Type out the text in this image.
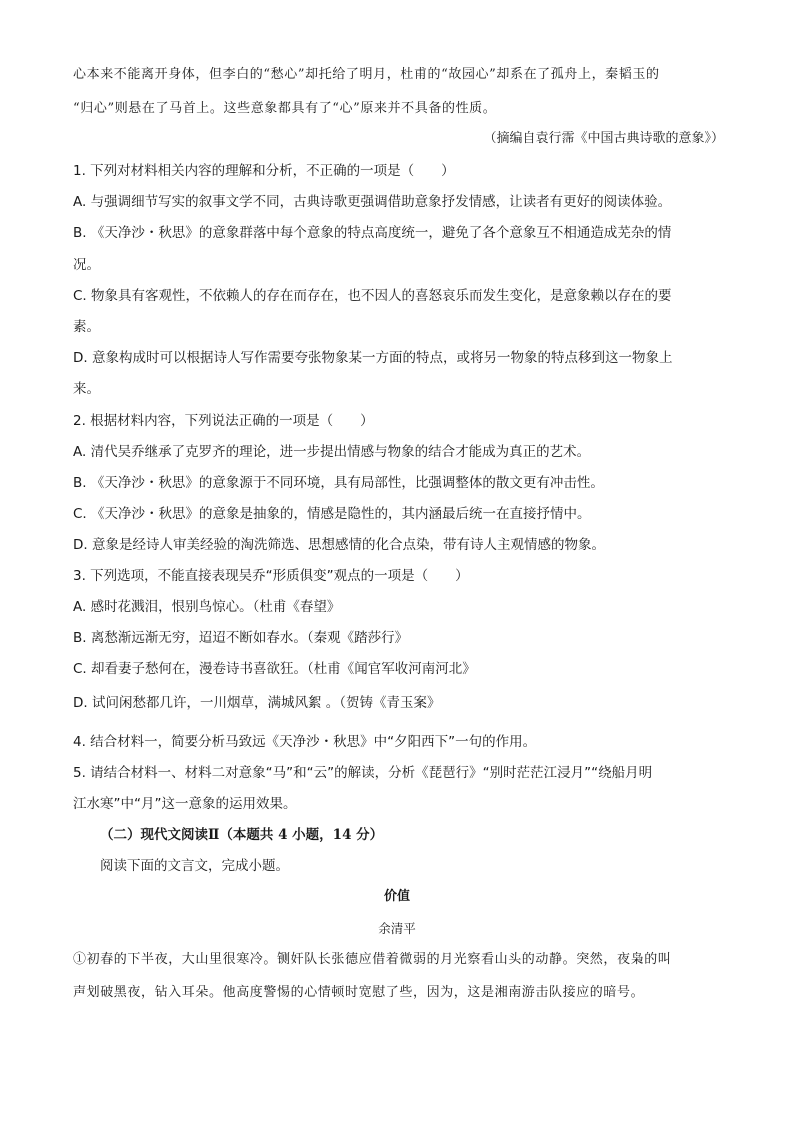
心本来不能离开身体，但李白的“愁心”却托给了明月，杜甫的“故园心”却系在了孤舟上，秦韬玉的
“归心”则悬在了马首上。这些意象都具有了“心”原来并不具备的性质。
（摘编自袁行霈《中国古典诗歌的意象》）
1. 下列对材料相关内容的理解和分析，不正确的一项是（　　）
A. 与强调细节写实的叙事文学不同，古典诗歌更强调借助意象抒发情感，让读者有更好的阅读体验。
B. 《天净沙・秋思》的意象群落中每个意象的特点高度统一，避免了各个意象互不相通造成芜杂的情
况。
C. 物象具有客观性，不依赖人的存在而存在，也不因人的喜怒哀乐而发生变化，是意象赖以存在的要
素。
D. 意象构成时可以根据诗人写作需要夸张物象某一方面的特点，或将另一物象的特点移到这一物象上
来。
2. 根据材料内容，下列说法正确的一项是（　　）
A. 清代吴乔继承了克罗齐的理论，进一步提出情感与物象的结合才能成为真正的艺术。
B. 《天净沙・秋思》的意象源于不同环境，具有局部性，比强调整体的散文更有冲击性。
C. 《天净沙・秋思》的意象是抽象的，情感是隐性的，其内涵最后统一在直接抒情中。
D. 意象是经诗人审美经验的淘洗筛选、思想感情的化合点染，带有诗人主观情感的物象。
3. 下列选项，不能直接表现吴乔“形质俱变”观点的一项是（　　）
A. 感时花溅泪，恨别鸟惊心。（杜甫《春望》
B. 离愁渐远渐无穷，迢迢不断如春水。（秦观《踏莎行》
C. 却看妻子愁何在，漫卷诗书喜欲狂。（杜甫《闻官军收河南河北》
D. 试问闲愁都几许，一川烟草，满城风絮 。（贺铸《青玉案》
4. 结合材料一，简要分析马致远《天净沙・秋思》中“夕阳西下”一句的作用。
5. 请结合材料一、材料二对意象“马”和“云”的解读，分析《琵琶行》“别时茫茫江浸月”“绕船月明
江水寒”中“月”这一意象的运用效果。
（二）现代文阅读Ⅱ（本题共 4 小题，14 分）
阅读下面的文言文，完成小题。
价值
余清平
①初春的下半夜，大山里很寒冷。铡奸队长张德应借着微弱的月光察看山头的动静。突然，夜枭的叫
声划破黑夜，钻入耳朵。他高度警惕的心情顿时宽慰了些，因为，这是湘南游击队接应的暗号。
